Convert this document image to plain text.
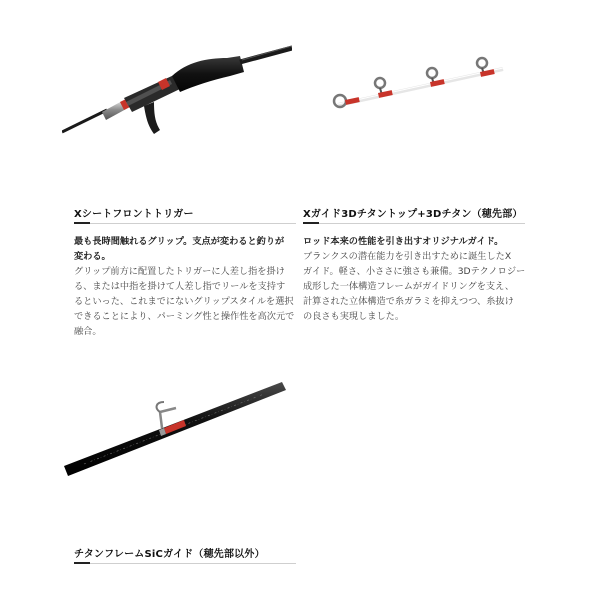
Xシートフロントトリガー
最も長時間触れるグリップ。支点が変わると釣りが
変わる。
グリップ前方に配置したトリガーに人差し指を掛け
る、または中指を掛けて人差し指でリールを支持す
るといった、これまでにないグリップスタイルを選択
できることにより、パーミング性と操作性を高次元で
融合。
Xガイド3Dチタントップ+3Dチタン（穂先部）
ロッド本来の性能を引き出すオリジナルガイド。
ブランクスの潜在能力を引き出すために誕生したX
ガイド。軽さ、小ささに強さも兼備。3Dテクノロジー
成形した一体構造フレームがガイドリングを支え、
計算された立体構造で糸ガラミを抑えつつ、糸抜け
の良さも実現しました。
チタンフレームSiCガイド（穂先部以外）
